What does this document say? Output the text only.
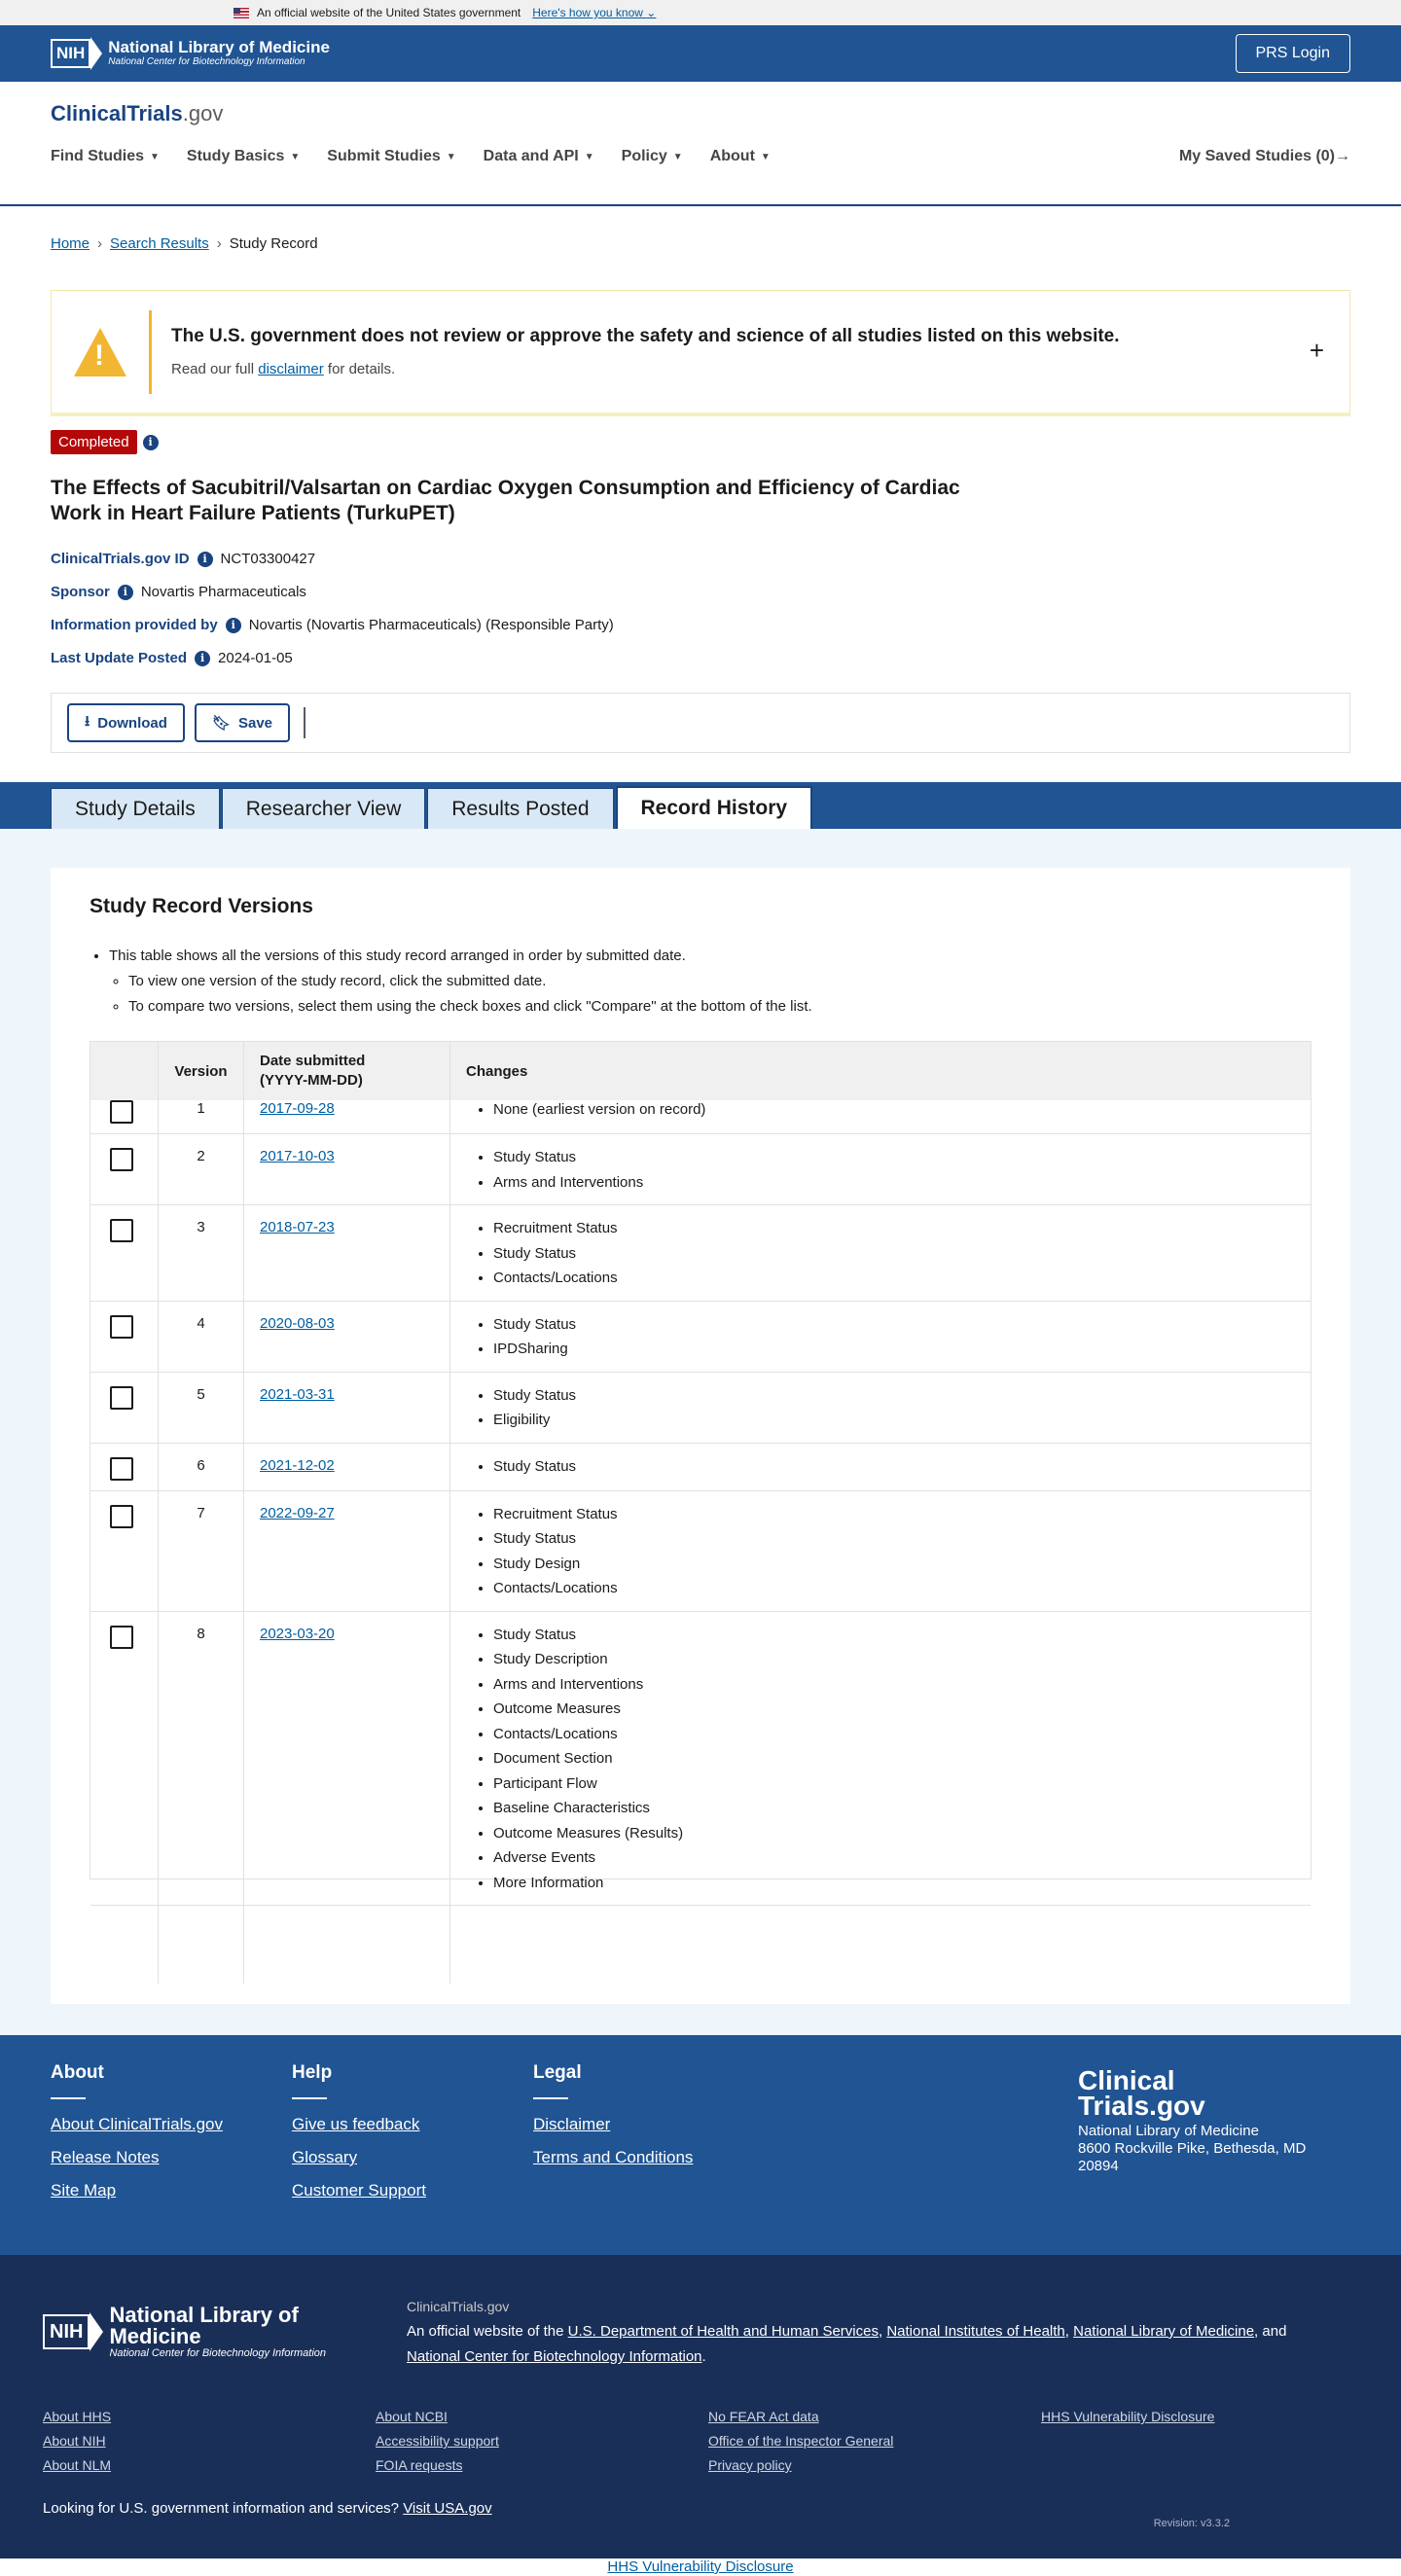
An official website of the United States government Here's how you know ⌄
NIH	National Library of Medicine
National Center for Biotechnology Information
PRS Login
ClinicalTrials.gov
Find Studies ▼ Study Basics ▼ Submit Studies ▼ Data and API ▼ Policy ▼ About ▼	My Saved Studies (0)→
Home › Search Results › Study Record
!
The U.S. government does not review or approve the safety and science of all studies listed on this website.
Read our full disclaimer for details.
+
Completed	i
The Effects of Sacubitril/Valsartan on Cardiac Oxygen Consumption and Efficiency of Cardiac Work in Heart Failure Patients (TurkuPET)
ClinicalTrials.gov ID	i NCT03300427
Sponsor	i Novartis Pharmaceuticals
Information provided by	i Novartis (Novartis Pharmaceuticals) (Responsible Party)
Last Update Posted	i 2024-01-05
⭳ Download	🔖︎ Save
Study Details	Researcher View	Results Posted	Record History
Study Record Versions
• This table shows all the versions of this study record arranged in order by submitted date.
◦ To view one version of the study record, click the submitted date.
◦ To compare two versions, select them using the check boxes and click "Compare" at the bottom of the list.
Version
Date submitted
(YYYY-MM-DD)
Changes
1	2017-09-28	• None (earliest version on record)
2	2017-10-03	• Study Status
• Arms and Interventions
3	2018-07-23	• Recruitment Status
• Study Status
• Contacts/Locations
4	2020-08-03	• Study Status
• IPDSharing
5	2021-03-31	• Study Status
• Eligibility
6	2021-12-02	• Study Status
7	2022-09-27	• Recruitment Status
• Study Status
• Study Design
• Contacts/Locations
8	2023-03-20	• Study Status
• Study Description
• Arms and Interventions
• Outcome Measures
• Contacts/Locations
• Document Section
• Participant Flow
• Baseline Characteristics
• Outcome Measures (Results)
• Adverse Events
• More Information
About
About ClinicalTrials.gov
Release Notes
Site Map
Help
Give us feedback
Glossary
Customer Support
Legal
Disclaimer
Terms and Conditions
Clinical
Trials.gov
National Library of Medicine
8600 Rockville Pike, Bethesda, MD 20894
NIH
National Library of Medicine
National Center for Biotechnology Information
ClinicalTrials.gov
An official website of the U.S. Department of Health and Human Services, National Institutes of Health, National Library of Medicine, and National Center for Biotechnology Information.
About HHS	About NCBI	No FEAR Act data	HHS Vulnerability Disclosure
About NIH	Accessibility support	Office of the Inspector General
About NLM	FOIA requests	Privacy policy
Looking for U.S. government information and services? Visit USA.gov
Revision: v3.3.2
HHS Vulnerability Disclosure
